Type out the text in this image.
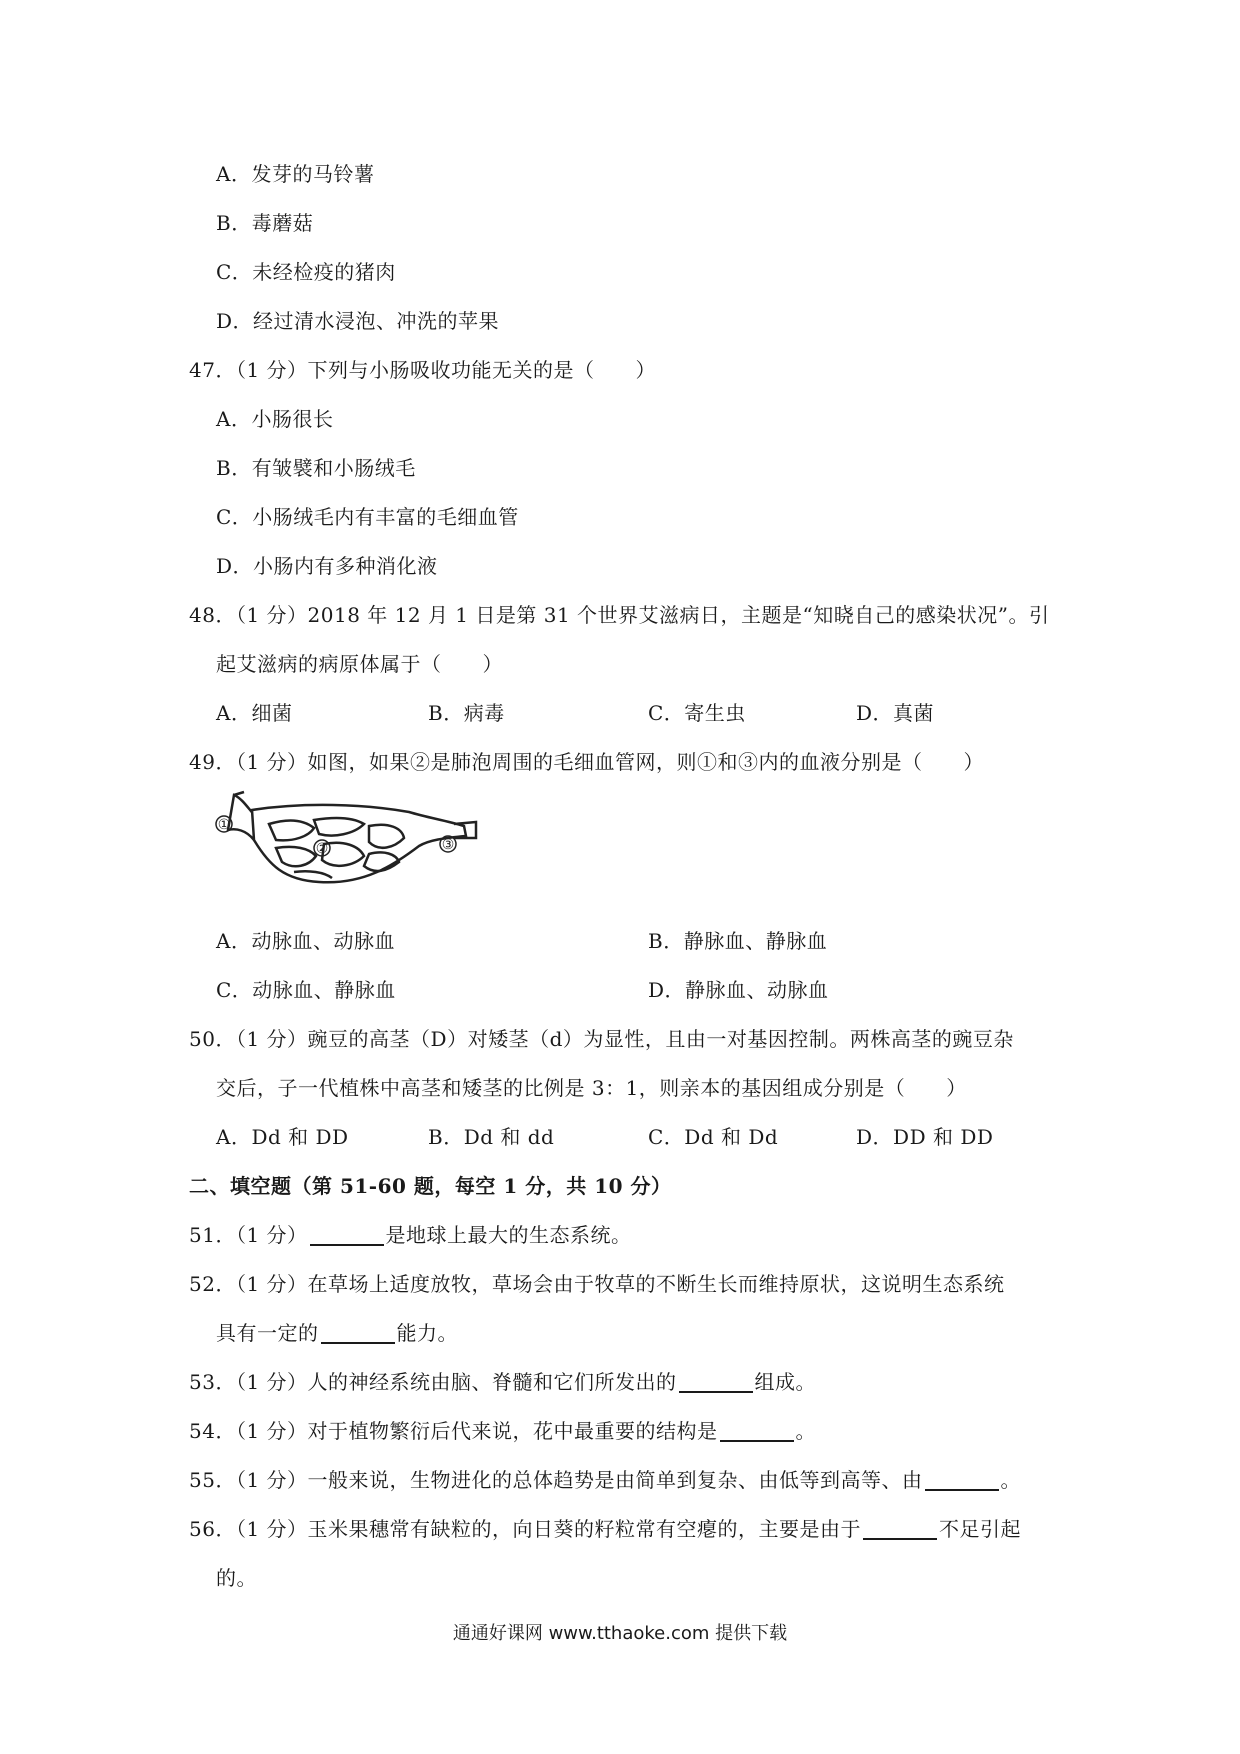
A．发芽的马铃薯
B．毒蘑菇
C．未经检疫的猪肉
D．经过清水浸泡、冲洗的苹果
47．（1 分）下列与小肠吸收功能无关的是（　　）
A．小肠很长
B．有皱襞和小肠绒毛
C．小肠绒毛内有丰富的毛细血管
D．小肠内有多种消化液
48．（1 分）2018 年 12 月 1 日是第 31 个世界艾滋病日，主题是“知晓自己的感染状况”。引
起艾滋病的病原体属于（　　）
A．细菌	B．病毒	C．寄生虫	D．真菌
49．（1 分）如图，如果②是肺泡周围的毛细血管网，则①和③内的血液分别是（　　）
①
②	③
A．动脉血、动脉血	B．静脉血、静脉血
C．动脉血、静脉血	D．静脉血、动脉血
50．（1 分）豌豆的高茎（D）对矮茎（d）为显性，且由一对基因控制。两株高茎的豌豆杂
交后，子一代植株中高茎和矮茎的比例是 3：1，则亲本的基因组成分别是（　　）
A．Dd 和 DD	B．Dd 和 dd	C．Dd 和 Dd	D．DD 和 DD
二、填空题（第 51-60 题，每空 1 分，共 10 分）
51．（1 分）	是地球上最大的生态系统。
52．（1 分）在草场上适度放牧，草场会由于牧草的不断生长而维持原状，这说明生态系统
具有一定的	能力。
53．（1 分）人的神经系统由脑、脊髓和它们所发出的	组成。
54．（1 分）对于植物繁衍后代来说，花中最重要的结构是	。
55．（1 分）一般来说，生物进化的总体趋势是由简单到复杂、由低等到高等、由	。
56．（1 分）玉米果穗常有缺粒的，向日葵的籽粒常有空瘪的，主要是由于	不足引起
的。
通通好课网 www.tthaoke.com 提供下载
